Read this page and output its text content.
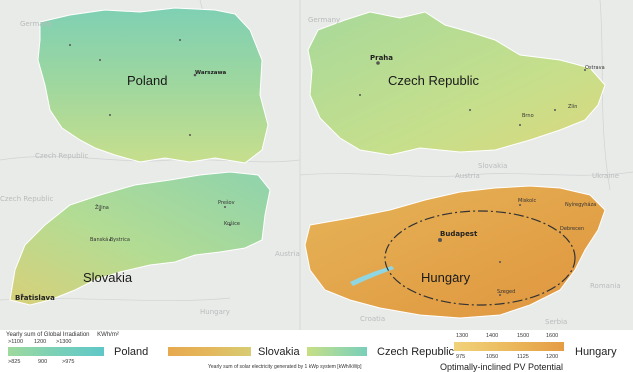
Germany
Czech Republic
Austria
Hungary
Romania
Ukraine
Croatia	Serbia
Slovakia
Czech Republic
Germany
Austria
Poland	Czech Republic
Slovakia	Hungary
Warszawa
Praha
Bratislava
Budapest
Ostrava
Brno
Zlín
Žilina
Prešov
Košice
Banská Bystrica
Miskolc
Nyíregyháza
Debrecen
Szeged
Yearly sum of Global Irradiation KWh/m²
>1100 1200 >1300
>825	900	>975
Poland	Slovakia	Czech Republic
1300	1400	1500	1600
975	1050	1125	1200 Hungary
Yearly sum of solar electricity generated by 1 kWp system [kWh/kWp]	Optimally-inclined PV Potential
